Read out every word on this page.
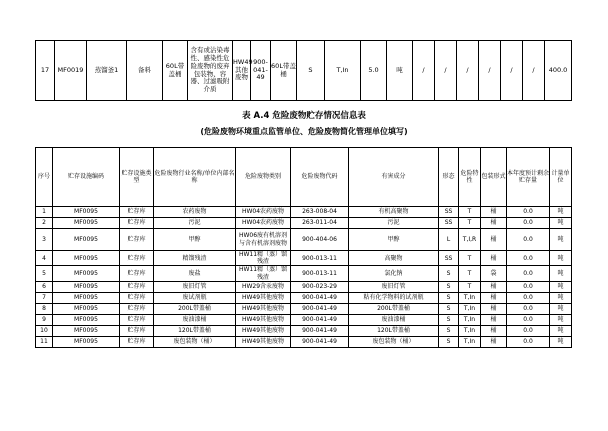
17	MF0019	蒸馏釜1	备料	60L带盖桶	含有或沾染毒性、感染性危险废物的废弃包装物、容器、过滤吸附介质	HW49其他废物	900-041-49	60L带盖桶	S	T,In	5.0	吨	/	/	/	/	/	/	400.0
表 A.4 危险废物贮存情况信息表
(危险废物环境重点监管单位、危险废物简化管理单位填写)
序号	贮存设施编码	贮存设施类型	危险废物行业名称/单位内部名称	危险废物类别	危险废物代码	有害成分	形态	危险特性	包装形式	本年度预计剩余贮存量	计量单位
1	MF0095	贮存库	农药废物	HW04农药废物	263-008-04	有机高聚物	SS	T	桶	0.0	吨
2	MF0095	贮存库	污泥	HW04农药废物	263-011-04	污泥	SS	T	桶	0.0	吨
3	MF0095	贮存库	甲醇	HW06废有机溶剂与含有机溶剂废物	900-404-06	甲醇	L	T,I,R	桶	0.0	吨
4	MF0095	贮存库	精馏残渣	HW11精（蒸）馏残渣	900-013-11	高聚物	SS	T	桶	0.0	吨
5	MF0095	贮存库	废盐	HW11精（蒸）馏残渣	900-013-11	氯化钠	S	T	袋	0.0	吨
6	MF0095	贮存库	废旧灯管	HW29含汞废物	900-023-29	废旧灯管	S	T	桶	0.0	吨
7	MF0095	贮存库	废试剂瓶	HW49其他废物	900-041-49	粘有化学物料的试剂瓶	S	T,In	桶	0.0	吨
8	MF0095	贮存库	200L带盖桶	HW49其他废物	900-041-49	200L带盖桶	S	T,In	桶	0.0	吨
9	MF0095	贮存库	废油漆桶	HW49其他废物	900-041-49	废油漆桶	S	T,In	桶	0.0	吨
10	MF0095	贮存库	120L带盖桶	HW49其他废物	900-041-49	120L带盖桶	S	T,In	桶	0.0	吨
11	MF0095	贮存库	废包装物（桶）	HW49其他废物	900-041-49	废包装物（桶）	S	T,In	桶	0.0	吨
